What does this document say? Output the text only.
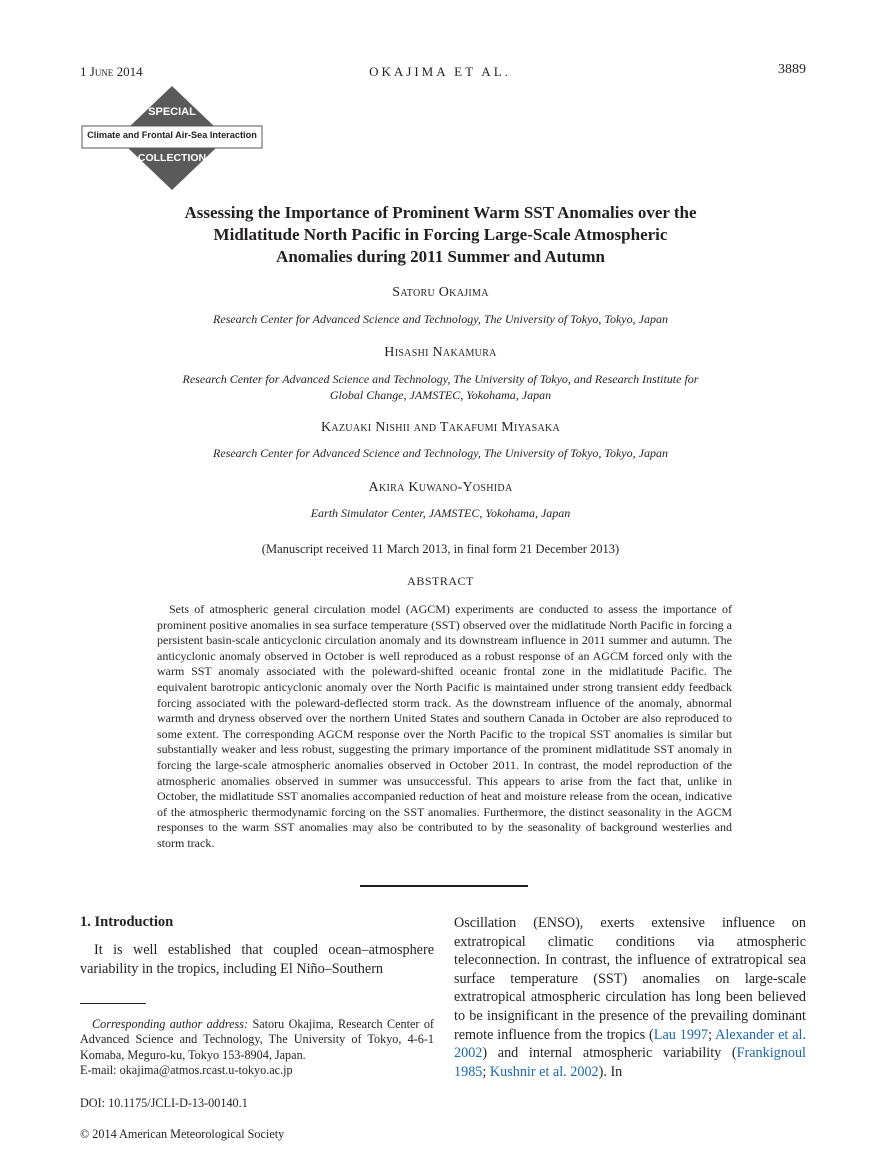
1 June 2014	OKAJIMA ET AL.	3889
SPECIAL
Climate and Frontal Air-Sea Interaction
COLLECTION
Assessing the Importance of Prominent Warm SST Anomalies over the
Midlatitude North Pacific in Forcing Large-Scale Atmospheric
Anomalies during 2011 Summer and Autumn
Satoru Okajima
Research Center for Advanced Science and Technology, The University of Tokyo, Tokyo, Japan
Hisashi Nakamura
Research Center for Advanced Science and Technology, The University of Tokyo, and Research Institute for
Global Change, JAMSTEC, Yokohama, Japan
Kazuaki Nishii and Takafumi Miyasaka
Research Center for Advanced Science and Technology, The University of Tokyo, Tokyo, Japan
Akira Kuwano-Yoshida
Earth Simulator Center, JAMSTEC, Yokohama, Japan
(Manuscript received 11 March 2013, in final form 21 December 2013)
ABSTRACT
Sets of atmospheric general circulation model (AGCM) experiments are conducted to assess the importance of prominent positive anomalies in sea surface temperature (SST) observed over the midlatitude North Pacific in forcing a persistent basin-scale anticyclonic circulation anomaly and its downstream influence in 2011 summer and autumn. The anticyclonic anomaly observed in October is well reproduced as a robust response of an AGCM forced only with the warm SST anomaly associated with the poleward-shifted oceanic frontal zone in the midlatitude Pacific. The equivalent barotropic anticyclonic anomaly over the North Pacific is maintained under strong transient eddy feedback forcing associated with the poleward-deflected storm track. As the downstream influence of the anomaly, abnormal warmth and dryness observed over the northern United States and southern Canada in October are also reproduced to some extent. The corresponding AGCM response over the North Pacific to the tropical SST anomalies is similar but substantially weaker and less robust, suggesting the primary importance of the prominent midlatitude SST anomaly in forcing the large-scale atmospheric anomalies observed in October 2011. In contrast, the model reproduction of the atmospheric anomalies observed in summer was unsuccessful. This appears to arise from the fact that, unlike in October, the midlatitude SST anomalies accompanied reduction of heat and moisture release from the ocean, indicative of the atmospheric thermodynamic forcing on the SST anomalies. Furthermore, the distinct seasonality in the AGCM responses to the warm SST anomalies may also be contributed to by the seasonality of background westerlies and storm track.
1. Introduction
It is well established that coupled ocean–atmosphere variability in the tropics, including El Niño–Southern
Corresponding author address: Satoru Okajima, Research Center of Advanced Science and Technology, The University of Tokyo, 4-6-1 Komaba, Meguro-ku, Tokyo 153-8904, Japan.
E-mail: okajima@atmos.rcast.u-tokyo.ac.jp
DOI: 10.1175/JCLI-D-13-00140.1
© 2014 American Meteorological Society
Oscillation (ENSO), exerts extensive influence on extratropical climatic conditions via atmospheric teleconnection. In contrast, the influence of extratropical sea surface temperature (SST) anomalies on large-scale extratropical atmospheric circulation has long been believed to be insignificant in the presence of the prevailing dominant remote influence from the tropics (Lau 1997; Alexander et al. 2002) and internal atmospheric variability (Frankignoul 1985; Kushnir et al. 2002). In
